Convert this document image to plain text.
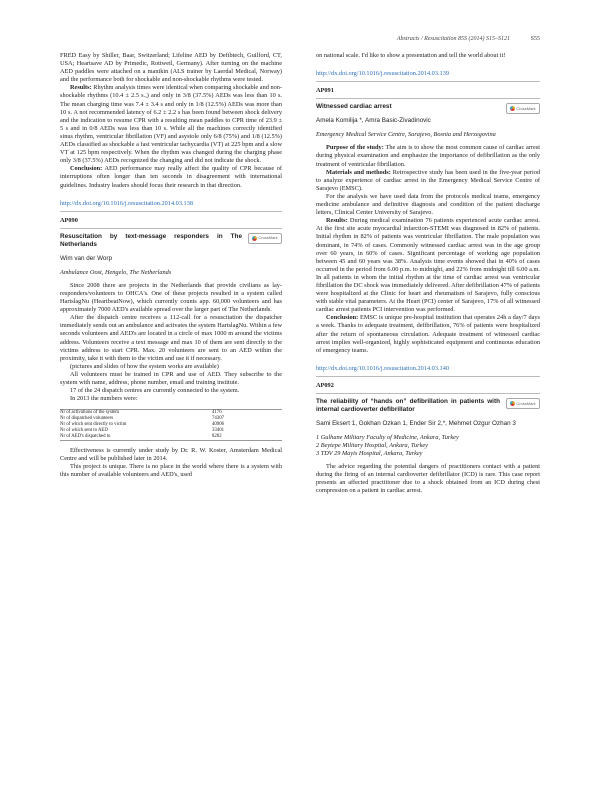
Abstracts / Resuscitation 85S (2014) S15–S121	S55

FRED Easy by Shiller, Baar, Switzerland; Lifeline AED by Defibtech, Guilford, CT, USA; Heartsave AD by Primedic, Rottweil, Germany). After turning on the machine AED paddles were attached on a manikin (ALS trainer by Laerdal Medical, Norway) and the performance both for shockable and non-shockable rhythms were tested.

Results: Rhythm analysis times were identical when comparing shockable and non-shockable rhythms (10.4 ± 2.5 s.,) and only in 3/8 (37.5%) AEDs was less than 10 s. The mean charging time was 7.4 ± 3.4 s and only in 1/8 (12.5%) AEDs was more than 10 s. A not recommended latency of 6.2 ± 2.2 s has been found between shock delivery and the indication to resume CPR with a resulting mean paddles to CPR time of 23.9 ± 5 s and in 0/8 AEDs was less than 10 s. While all the machines correctly identified sinus rhythm, ventricular fibrillation (VF) and asystole only 6/8 (75%) and 1/8 (12.5%) AEDs classified as shockable a fast ventricular tachycardia (VT) at 225 bpm and a slow VT at 125 bpm respectively. When the rhythm was changed during the charging phase only 3/8 (37.5%) AEDs recognized the changing and did not indicate the shock.

Conclusion: AED performance may really affect the quality of CPR because of interruptions often longer than ten seconds in disagreement with international guidelines. Industry leaders should focus their research in that direction.

http://dx.doi.org/10.1016/j.resuscitation.2014.03.138

AP090

Resuscitation by text-message responders in The Netherlands
CrossMark

Wim van der Worp

Ambulance Oost, Hengelo, The Netherlands

Since 2008 there are projects in the Netherlands that provide civilians as lay-responders/volunteers to OHCA's. One of these projects resulted in a system called HartslagNu (HeartbeatNow), which currently counts app. 60,000 volunteers and has approximately 7000 AED's available spread over the larger part of The Netherlands.

After the dispatch centre receives a 112-call for a resuscitation the dispatcher immediately sends out an ambulance and activates the system HartslagNu. Within a few seconds volunteers and AED's are located in a circle of max 1000 m around the victims address. Volunteers receive a text message and max 10 of them are sent directly to the victims address to start CPR. Max. 20 volunteers are sent to an AED within the proximity, take it with them to the victim and use it if necessary.

(pictures and slides of how the system works are available)

All volunteers must be trained in CPR and use of AED. They subscribe to the system with name, address, phone number, email and training institute.

17 of the 24 dispatch centres are currently connected to the system.

In 2013 the numbers were:

Nr of activations of the system	4176
Nr of dispatched volunteers	74307
Nr of which sent directly to victim	40906
Nr of which sent to AED	33401
Nr of AED's dispatched to	8282

Effectiveness is currently under study by Dr. R. W. Koster, Amsterdam Medical Centre and will be published later in 2014.

This project is unique. There is no place in the world where there is a system with this number of available volunteers and AED's, used

on national scale. I'd like to show a presentation and tell the world about it!

http://dx.doi.org/10.1016/j.resuscitation.2014.03.139

AP091

Witnessed cardiac arrest	CrossMark

Amela Komilija *, Amra Basic-Zivadinovic

Emergency Medical Service Centre, Sarajevo, Bosnia and Herzegovina

Purpose of the study: The aim is to show the most common cause of cardiac arrest during physical examination and emphasize the importance of defibrillation as the only treatment of ventricular fibrillation.

Materials and methods: Retrospective study has been used in the five-year period to analyze experience of cardiac arrest in the Emergency Medical Service Centre of Sarajevo (EMSC).

For the analysis we have used data from the protocols medical teams, emergency medicine ambulance and definitive diagnosis and condition of the patient discharge letters, Clinical Center University of Sarajevo.

Results: During medical examination 76 patients experienced acute cardiac arrest. At the first site acute myocardial infarction-STEMI was diagnosed in 82% of patients. Initial rhythm in 82% of patients was ventricular fibrillation. The male population was dominant, in 74% of cases. Commonly witnessed cardiac arrest was in the age group over 60 years, in 60% of cases. Significant percentage of working age population between 45 and 60 years was 38%. Analysis time events showed that in 40% of cases occurred in the period from 6.00 p.m. to midnight, and 22% from midnight till 6.00 a.m. In all patients in whom the initial rhythm at the time of cardiac arrest was ventricular fibrillation the DC shock was immediately delivered. After defibrillation 47% of patients were hospitalized at the Clinic for heart and rheumatism of Sarajevo, fully conscious with stable vital parameters. At the Heart (PCI) center of Sarajevo, 17% of all witnessed cardiac arrest patients PCI intervention was performed.

Conclusion: EMSC is unique pre-hospital institution that operates 24h a day/7 days a week. Thanks to adequate treatment, defibrillation, 76% of patients were hospitalized after the return of spontaneous circulation. Adequate treatment of witnessed cardiac arrest implies well-organized, highly sophisticated equipment and continuous education of emergency teams.

http://dx.doi.org/10.1016/j.resuscitation.2014.03.140

AP092

The reliability of “hands on” defibrillation in patients with internal cardioverter defibrillator
CrossMark

Sami Eksert 1, Gokhan Ozkan 1, Ender Sir 2,*, Mehmet Ozgur Ozhan 3

1 Gulhane Military Faculty of Medicine, Ankara, Turkey
2 Beytepe Military Hospital, Ankara, Turkey
3 TDV 29 Mayis Hospital, Ankara, Turkey

The advice regarding the potential dangers of practitioners contact with a patient during the firing of an internal cardioverter defibrillator (ICD) is rare. This case report presents an affected practitioner due to a shock obtained from an ICD during chest compression on a patient in cardiac arrest.
